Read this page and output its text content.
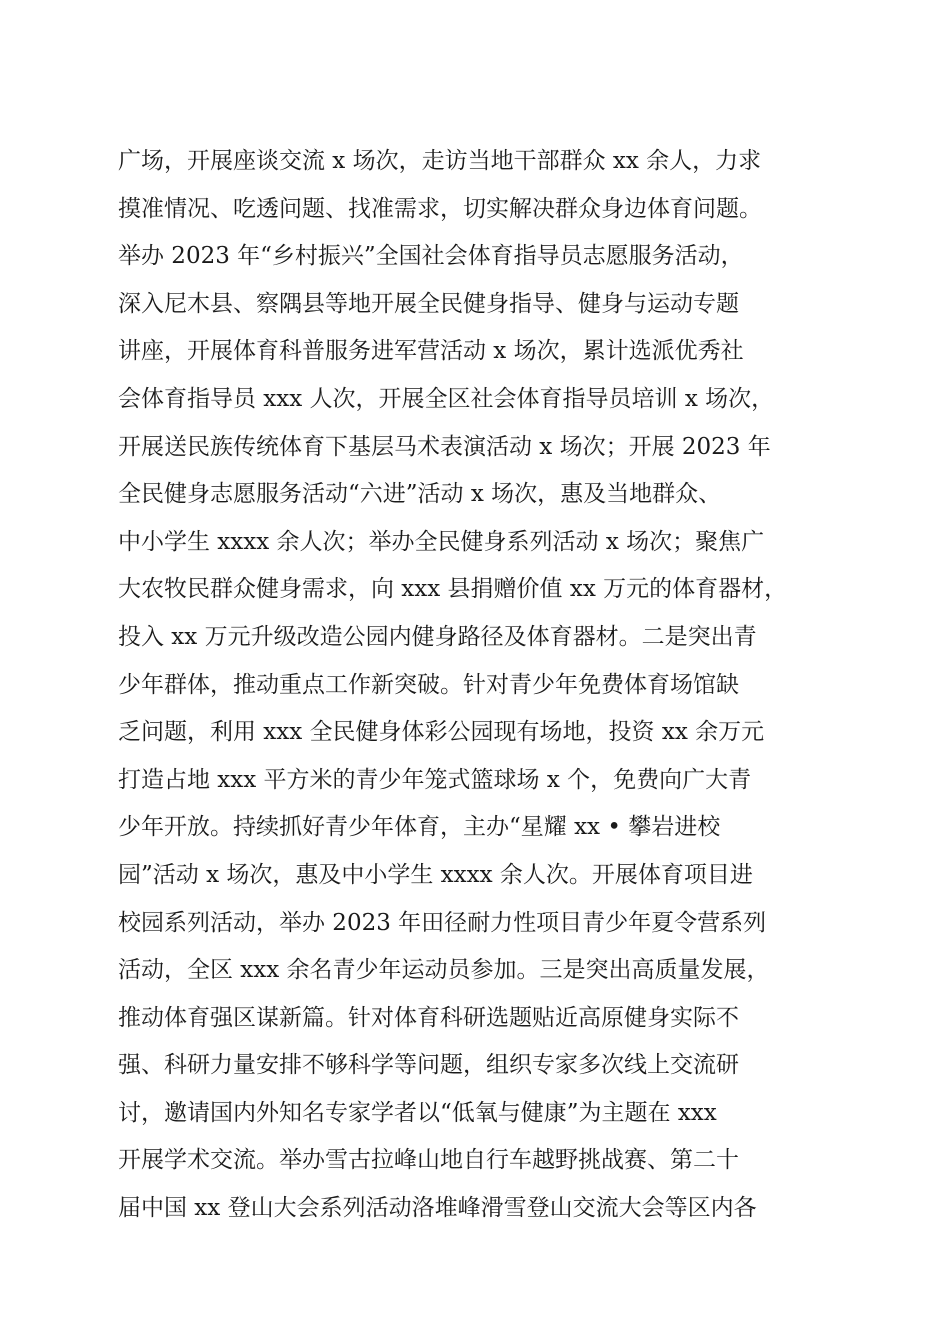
广场，开展座谈交流 x 场次，走访当地干部群众 xx 余人，力求
摸准情况、吃透问题、找准需求，切实解决群众身边体育问题。
举办 2023 年“乡村振兴”全国社会体育指导员志愿服务活动，
深入尼木县、察隅县等地开展全民健身指导、健身与运动专题
讲座，开展体育科普服务进军营活动 x 场次，累计选派优秀社
会体育指导员 xxx 人次，开展全区社会体育指导员培训 x 场次，
开展送民族传统体育下基层马术表演活动 x 场次；开展 2023 年
全民健身志愿服务活动“六进”活动 x 场次，惠及当地群众、
中小学生 xxxx 余人次；举办全民健身系列活动 x 场次；聚焦广
大农牧民群众健身需求，向 xxx 县捐赠价值 xx 万元的体育器材，
投入 xx 万元升级改造公园内健身路径及体育器材。二是突出青
少年群体，推动重点工作新突破。针对青少年免费体育场馆缺
乏问题，利用 xxx 全民健身体彩公园现有场地，投资 xx 余万元
打造占地 xxx 平方米的青少年笼式篮球场 x 个，免费向广大青
少年开放。持续抓好青少年体育，主办“星耀 xx • 攀岩进校
园”活动 x 场次，惠及中小学生 xxxx 余人次。开展体育项目进
校园系列活动，举办 2023 年田径耐力性项目青少年夏令营系列
活动，全区 xxx 余名青少年运动员参加。三是突出高质量发展，
推动体育强区谋新篇。针对体育科研选题贴近高原健身实际不
强、科研力量安排不够科学等问题，组织专家多次线上交流研
讨，邀请国内外知名专家学者以“低氧与健康”为主题在 xxx
开展学术交流。举办雪古拉峰山地自行车越野挑战赛、第二十
届中国 xx 登山大会系列活动洛堆峰滑雪登山交流大会等区内各
